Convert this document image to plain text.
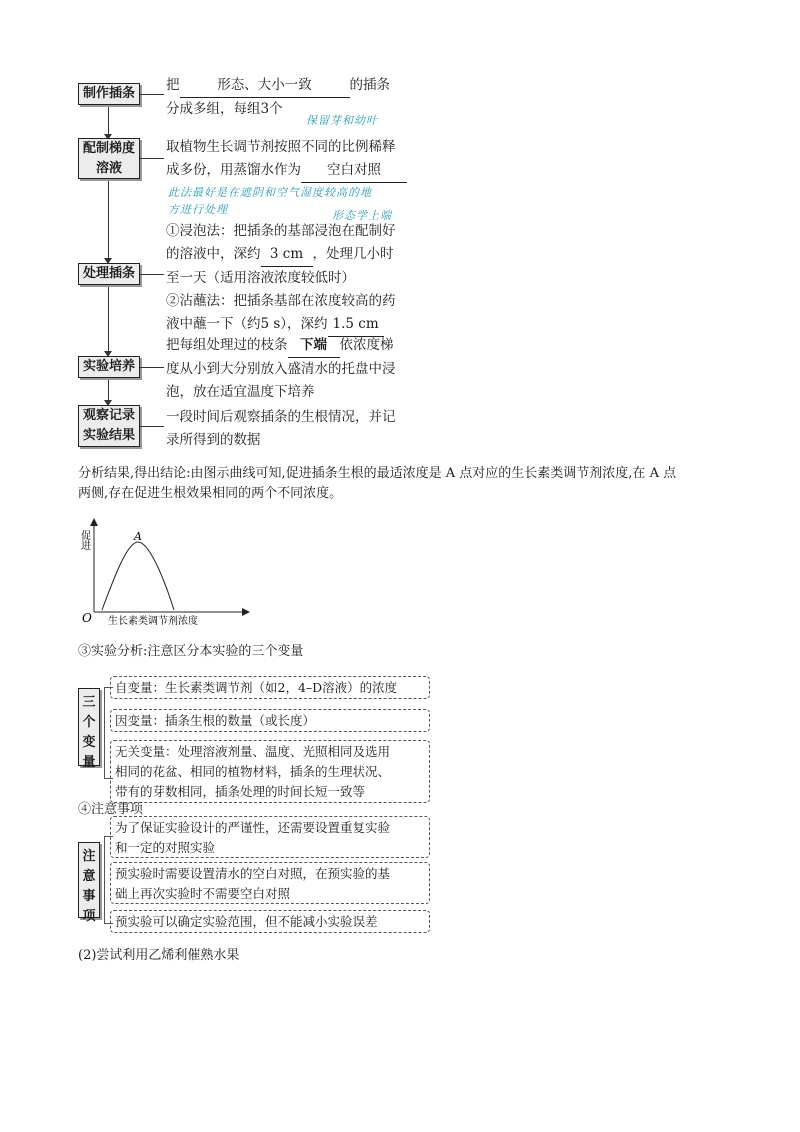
制作插条
配制梯度
溶液
处理插条
实验培养
观察记录
实验结果
把	形态、大小一致	的插条
分成多组，每组3个
保留芽和幼叶
取植物生长调节剂按照不同的比例稀释
成多份，用蒸馏水作为 空白对照
此法最好是在遮阴和空气湿度较高的地
方进行处理	形态学上端
①浸泡法：把插条的基部浸泡在配制好
的溶液中，深约 3 cm ，处理几小时
至一天（适用溶液浓度较低时）
②沾蘸法：把插条基部在浓度较高的药
液中蘸一下（约5 s），深约 1.5 cm
把每组处理过的枝条 下端 依浓度梯
度从小到大分别放入盛清水的托盘中浸
泡，放在适宜温度下培养
一段时间后观察插条的生根情况，并记
录所得到的数据
分析结果,得出结论:由图示曲线可知,促进插条生根的最适浓度是 A 点对应的生长素类调节剂浓度,在 A 点
两侧,存在促进生根效果相同的两个不同浓度。
A
O 生长素类调节剂浓度
促进
③实验分析:注意区分本实验的三个变量
三个变量
自变量：生长素类调节剂（如2，4–D溶液）的浓度
因变量：插条生根的数量（或长度）
无关变量：处理溶液剂量、温度、光照相同及选用
相同的花盆、相同的植物材料，插条的生理状况、
带有的芽数相同，插条处理的时间长短一致等
④注意事项
注意事项
为了保证实验设计的严谨性，还需要设置重复实验
和一定的对照实验
预实验时需要设置清水的空白对照，在预实验的基
础上再次实验时不需要空白对照
预实验可以确定实验范围，但不能减小实验误差
(2)尝试利用乙烯利催熟水果
